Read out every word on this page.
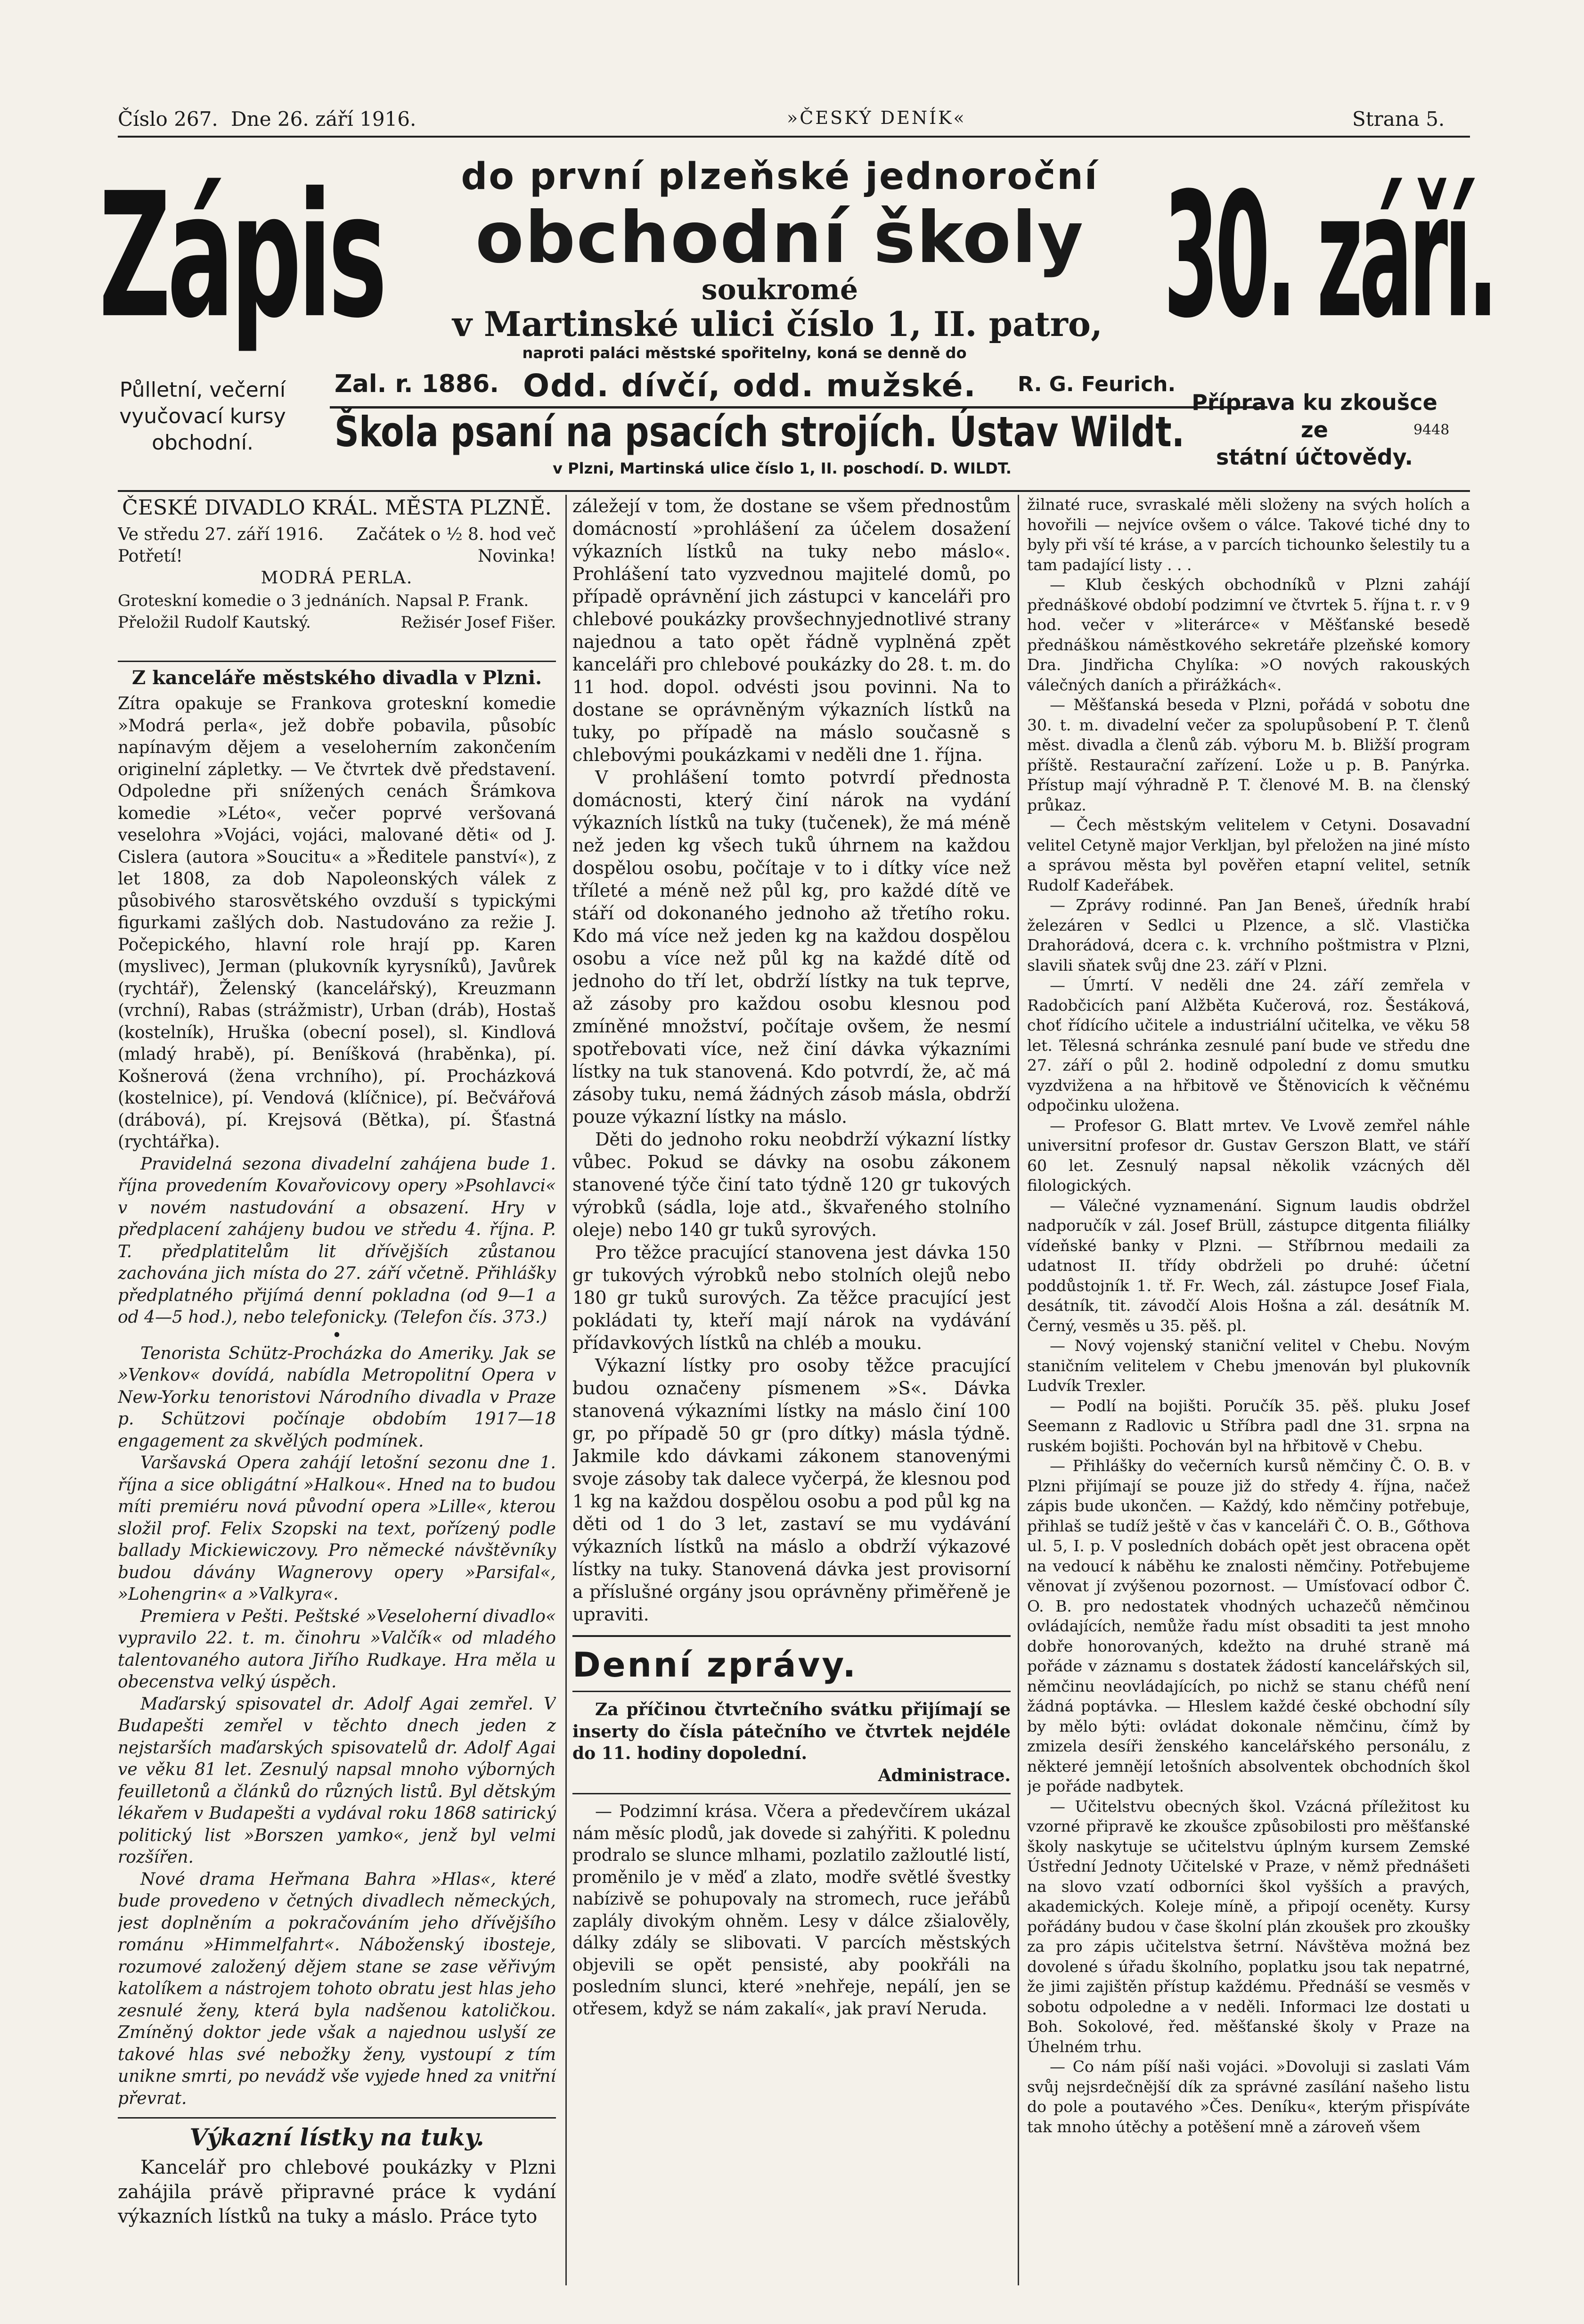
Číslo 267. Dne 26. září 1916.	»ČESKÝ DENÍK«	Strana 5.
Zápis	30. září.
do první plzeňské jednoroční
obchodní školy
soukromé
v Martinské ulici číslo 1, II. patro,
naproti paláci městské spořitelny, koná se denně do
Zal. r. 1886. Odd. dívčí, odd. mužské.	R. G. Feurich.
Půlletní, večerní
vyučovací kursy
obchodní.	Škola psaní na psacích strojích. Ústav Wildt.
v Plzni, Martinská ulice číslo 1, II. poschodí. D. WILDT.
Příprava ku zkoušce
ze
státní účtovědy.
9448
ČESKÉ DIVADLO KRÁL. MĚSTA PLZNĚ.
Ve středu 27. září 1916. Začátek o ½ 8. hod več
Potřetí!	Novinka!
MODRÁ PERLA.
Groteskní komedie o 3 jednáních. Napsal P. Frank.
Přeložil Rudolf Kautský.	Režisér Josef Fišer.
Z kanceláře městského divadla v Plzni.

Zítra opakuje se Frankova groteskní komedie »Modrá perla«, jež dobře pobavila, působíc napínavým dějem a veseloherním zakončením originelní zápletky. — Ve čtvrtek dvě představení. Odpoledne při snížených cenách Šrámkova komedie »Léto«, večer poprvé veršovaná veselohra »Vojáci, vojáci, malované děti« od J. Cislera (autora »Soucitu« a »Ředitele panství«), z let 1808, za dob Napoleonských válek z působivého starosvětského ovzduší s typickými figurkami zašlých dob. Nastudováno za režie J. Počepického, hlavní role hrají pp. Karen (myslivec), Jerman (plukovník kyrysníků), Javůrek (rychtář), Želenský (kancelářský), Kreuzmann (vrchní), Rabas (strážmistr), Urban (dráb), Hostaš (kostelník), Hruška (obecní posel), sl. Kindlová (mladý hrabě), pí. Beníšková (hraběnka), pí. Košnerová (žena vrchního), pí. Procházková (kostelnice), pí. Vendová (klíčnice), pí. Bečvářová (drábová), pí. Krejsová (Bětka), pí. Šťastná (rychtářka).

Pravidelná sezona divadelní zahájena bude 1. října provedením Kovařovicovy opery »Psohlavci« v novém nastudování a obsazení. Hry v předplacení zahájeny budou ve středu 4. října. P. T. předplatitelům lit dřívějších zůstanou zachována jich místa do 27. září včetně. Přihlášky předplatného přijímá denní pokladna (od 9—1 a od 4—5 hod.), nebo telefonicky. (Telefon čís. 373.)

•

Tenorista Schütz-Procházka do Ameriky. Jak se »Venkov« dovídá, nabídla Metropolitní Opera v New-Yorku tenoristovi Národního divadla v Praze p. Schützovi počínaje obdobím 1917—18 engagement za skvělých podmínek.

Varšavská Opera zahájí letošní sezonu dne 1. října a sice obligátní »Halkou«. Hned na to budou míti premiéru nová původní opera »Lille«, kterou složil prof. Felix Szopski na text, pořízený podle ballady Mickiewiczovy. Pro německé návštěvníky budou dávány Wagnerovy opery »Parsifal«, »Lohengrin« a »Valkyra«.

Premiera v Pešti. Peštské »Veseloherní divadlo« vypravilo 22. t. m. činohru »Valčík« od mladého talentovaného autora Jiřího Rudkaye. Hra měla u obecenstva velký úspěch.

Maďarský spisovatel dr. Adolf Agai zemřel. V Budapešti zemřel v těchto dnech jeden z nejstarších maďarských spisovatelů dr. Adolf Agai ve věku 81 let. Zesnulý napsal mnoho výborných feuilletonů a článků do různých listů. Byl dětským lékařem v Budapešti a vydával roku 1868 satirický politický list »Borszen yamko«, jenž byl velmi rozšířen.

Nové drama Heřmana Bahra »Hlas«, které bude provedeno v četných divadlech německých, jest doplněním a pokračováním jeho dřívějšího románu »Himmelfahrt«. Náboženský ibosteje, rozumové založený dějem stane se zase věřivým katolíkem a nástrojem tohoto obratu jest hlas jeho zesnulé ženy, která byla nadšenou katoličkou. Zmíněný doktor jede však a najednou uslyší ze takové hlas své nebožky ženy, vystoupí z tím unikne smrti, po nevádž vše vyjede hned za vnitřní převrat.

Výkazní lístky na tuky.

Kancelář pro chlebové poukázky v Plzni zahájila právě připravné práce k vydání výkazních lístků na tuky a máslo. Práce tyto

záležejí v tom, že dostane se všem přednostům domácností »prohlášení za účelem dosažení výkazních lístků na tuky nebo máslo«. Prohlášení tato vyzvednou majitelé domů, po případě oprávnění jich zástupci v kanceláři pro chlebové poukázky provšechnyjednotlivé strany najednou a tato opět řádně vyplněná zpět kanceláři pro chlebové poukázky do 28. t. m. do 11 hod. dopol. odvésti jsou povinni. Na to dostane se oprávněným výkazních lístků na tuky, po případě na máslo současně s chlebovými poukázkami v neděli dne 1. října.

V prohlášení tomto potvrdí přednosta domácnosti, který činí nárok na vydání výkazních lístků na tuky (tučenek), že má méně než jeden kg všech tuků úhrnem na každou dospělou osobu, počítaje v to i dítky více než tříleté a méně než půl kg, pro každé dítě ve stáří od dokonaného jednoho až třetího roku. Kdo má více než jeden kg na každou dospělou osobu a více než půl kg na každé dítě od jednoho do tří let, obdrží lístky na tuk teprve, až zásoby pro každou osobu klesnou pod zmíněné množství, počítaje ovšem, že nesmí spotřebovati více, než činí dávka výkazními lístky na tuk stanovená. Kdo potvrdí, že, ač má zásoby tuku, nemá žádných zásob másla, obdrží pouze výkazní lístky na máslo.

Děti do jednoho roku neobdrží výkazní lístky vůbec. Pokud se dávky na osobu zákonem stanovené týče činí tato týdně 120 gr tukových výrobků (sádla, loje atd., škvařeného stolního oleje) nebo 140 gr tuků syrových.

Pro těžce pracující stanovena jest dávka 150 gr tukových výrobků nebo stolních olejů nebo 180 gr tuků surových. Za těžce pracující jest pokládati ty, kteří mají nárok na vydávání přídavkových lístků na chléb a mouku.

Výkazní lístky pro osoby těžce pracující budou označeny písmenem »S«. Dávka stanovená výkazními lístky na máslo činí 100 gr, po případě 50 gr (pro dítky) másla týdně. Jakmile kdo dávkami zákonem stanovenými svoje zásoby tak dalece vyčerpá, že klesnou pod 1 kg na každou dospělou osobu a pod půl kg na děti od 1 do 3 let, zastaví se mu vydávání výkazních lístků na máslo a obdrží výkazové lístky na tuky. Stanovená dávka jest provisorní a příslušné orgány jsou oprávněny přiměřeně je upraviti.

Denní zprávy.

Za příčinou čtvrtečního svátku přijímají se inserty do čísla pátečního ve čtvrtek nejdéle do 11. hodiny dopolední.

Administrace.

— Podzimní krása. Včera a předevčírem ukázal nám měsíc plodů, jak dovede si zahýřiti. K polednu prodralo se slunce mlhami, pozlatilo zažloutlé listí, proměnilo je v měď a zlato, modře světlé švestky nabízivě se pohupovaly na stromech, ruce jeřábů zaplály divokým ohněm. Lesy v dálce zšialověly, dálky zdály se slibovati. V parcích městských objevili se opět pensisté, aby pookřáli na posledním slunci, které »nehřeje, nepálí, jen se otřesem, když se nám zakalí«, jak praví Neruda.

žilnaté ruce, svraskalé měli složeny na svých holích a hovořili — nejvíce ovšem o válce. Takové tiché dny to byly při vší té kráse, a v parcích tichounko šelestily tu a tam padající listy . . .

— Klub českých obchodníků v Plzni zahájí přednáškové období podzimní ve čtvrtek 5. října t. r. v 9 hod. večer v »literárce« v Měšťanské besedě přednáškou náměstkového sekretáře plzeňské komory Dra. Jindřicha Chylíka: »O nových rakouských válečných daních a přirážkách«.

— Měšťanská beseda v Plzni, pořádá v sobotu dne 30. t. m. divadelní večer za spolupůsobení P. T. členů měst. divadla a členů záb. výboru M. b. Bližší program příště. Restaurační zařízení. Lože u p. B. Panýrka. Přístup mají výhradně P. T. členové M. B. na členský průkaz.

— Čech městským velitelem v Cetyni. Dosavadní velitel Cetyně major Verkljan, byl přeložen na jiné místo a správou města byl pověřen etapní velitel, setník Rudolf Kadeřábek.

— Zprávy rodinné. Pan Jan Beneš, úředník hrabí železáren v Sedlci u Plzence, a slč. Vlastička Drahorádová, dcera c. k. vrchního poštmistra v Plzni, slavili sňatek svůj dne 23. září v Plzni.

— Úmrtí. V neděli dne 24. září zemřela v Radobčicích paní Alžběta Kučerová, roz. Šestáková, choť řídícího učitele a industriální učitelka, ve věku 58 let. Tělesná schránka zesnulé paní bude ve středu dne 27. září o půl 2. hodině odpolední z domu smutku vyzdvižena a na hřbitově ve Štěnovicích k věčnému odpočinku uložena.

— Profesor G. Blatt mrtev. Ve Lvově zemřel náhle universitní profesor dr. Gustav Gerszon Blatt, ve stáří 60 let. Zesnulý napsal několik vzácných děl filologických.

— Válečné vyznamenání. Signum laudis obdržel nadporučík v zál. Josef Brüll, zástupce ditgenta filiálky vídeňské banky v Plzni. — Stříbrnou medaili za udatnost II. třídy obdrželi po druhé: účetní poddůstojník 1. tř. Fr. Wech, zál. zástupce Josef Fiala, desátník, tit. závodčí Alois Hošna a zál. desátník M. Černý, vesměs u 35. pěš. pl.

— Nový vojenský staniční velitel v Chebu. Novým staničním velitelem v Chebu jmenován byl plukovník Ludvík Trexler.

— Podlí na bojišti. Poručík 35. pěš. pluku Josef Seemann z Radlovic u Stříbra padl dne 31. srpna na ruském bojišti. Pochován byl na hřbitově v Chebu.

— Přihlášky do večerních kursů němčiny Č. O. B. v Plzni přijímají se pouze již do středy 4. října, načež zápis bude ukončen. — Každý, kdo němčiny potřebuje, přihlaš se tudíž ještě v čas v kanceláři Č. O. B., Gőthova ul. 5, I. p. V posledních dobách opět jest obracena opět na vedoucí k náběhu ke znalosti němčiny. Potřebujeme věnovat jí zvýšenou pozornost. — Umísťovací odbor Č. O. B. pro nedostatek vhodných uchazečů němčinou ovládajících, nemůže řadu míst obsaditi ta jest mnoho dobře honorovaných, kdežto na druhé straně má pořáde v záznamu s dostatek žádostí kancelářských sil, němčinu neovládajících, po nichž se stanu chéfů není žádná poptávka. — Hleslem každé české obchodní síly by mělo býti: ovládat dokonale němčinu, čímž by zmizela desíři ženského kancelářského personálu, z některé jemnějí letošních absolventek obchodních škol je pořáde nadbytek.

— Učitelstvu obecných škol. Vzácná příležitost ku vzorné připravě ke zkoušce způsobilosti pro měšťanské školy naskytuje se učitelstvu úplným kursem Zemské Ústřední Jednoty Učitelské v Praze, v němž přednášeti na slovo vzatí odborníci škol vyšších a pravých, akademických. Koleje míně, a připojí oceněty. Kursy pořádány budou v čase školní plán zkoušek pro zkoušky za pro zápis učitelstva šetrní. Návštěva možná bez dovolené s úřadu školního, poplatku jsou tak nepatrné, že jimi zajištěn přístup každému. Přednáší se vesměs v sobotu odpoledne a v neděli. Informaci lze dostati u Boh. Sokolové, řed. měšťanské školy v Praze na Úhelném trhu.

— Co nám píší naši vojáci. »Dovoluji si zaslati Vám svůj nejsrdečnější dík za správné zasílání našeho listu do pole a poutavého »Čes. Deníku«, kterým přispíváte tak mnoho útěchy a potěšení mně a zároveň všem
